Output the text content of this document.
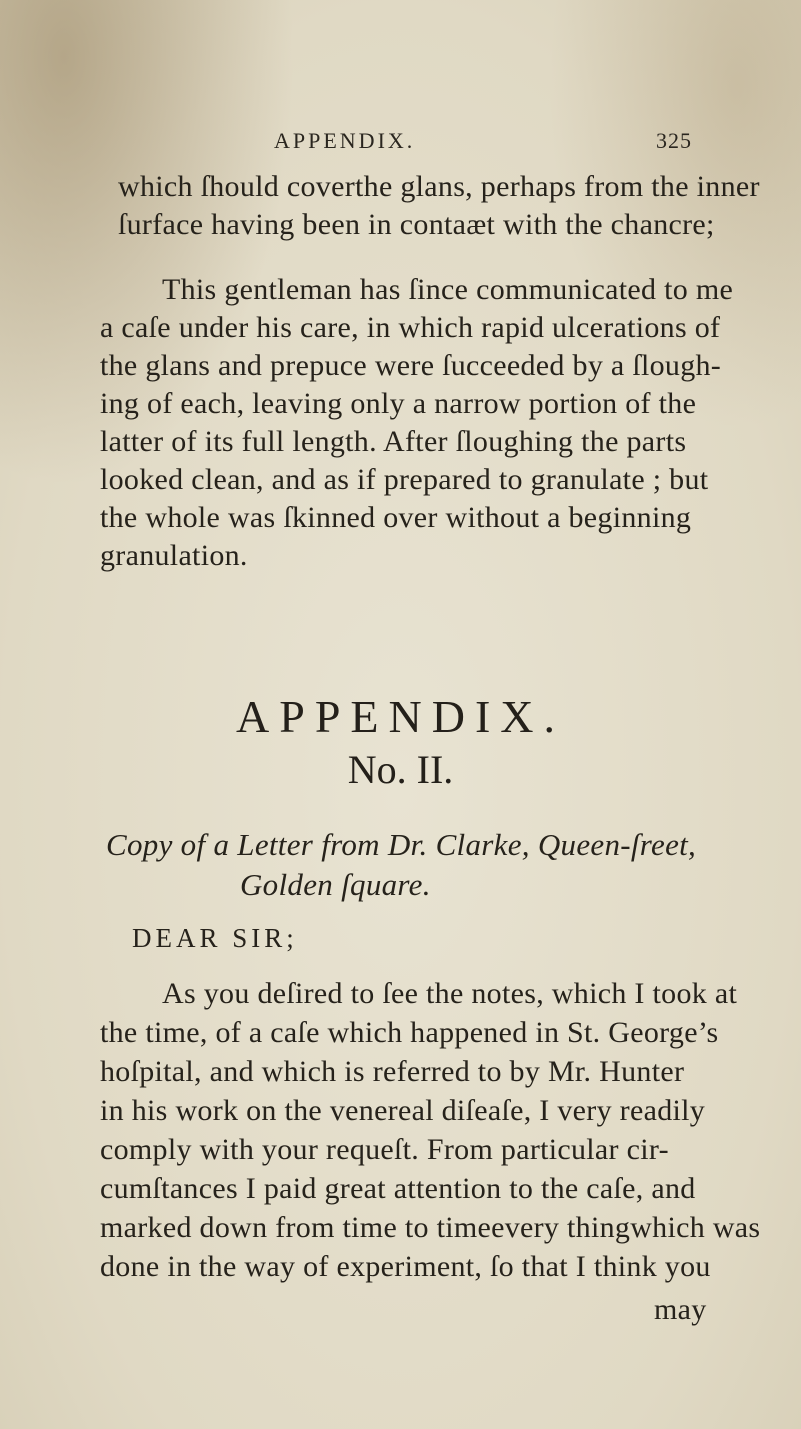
APPENDIX.	325
which ſhould coverthe glans, perhaps from the inner
ſurface having been in contaæt with the chancre;
This gentleman has ſince communicated to me
a caſe under his care, in which rapid ulcerations of
the glans and prepuce were ſucceeded by a ſlough-
ing of each, leaving only a narrow portion of the
latter of its full length. After ſloughing the parts
looked clean, and as if prepared to granulate ; but
the whole was ſkinned over without a beginning
granulation.
APPENDIX.
No. II.
Copy of a Letter from Dr. Clarke, Queen-ſreet,
Golden ſquare.
DEAR SIR;
As you deſired to ſee the notes, which I took at
the time, of a caſe which happened in St. George’s
hoſpital, and which is referred to by Mr. Hunter
in his work on the venereal diſeaſe, I very readily
comply with your requeſt. From particular cir-
cumſtances I paid great attention to the caſe, and
marked down from time to timeevery thingwhich was
done in the way of experiment, ſo that I think you
may
